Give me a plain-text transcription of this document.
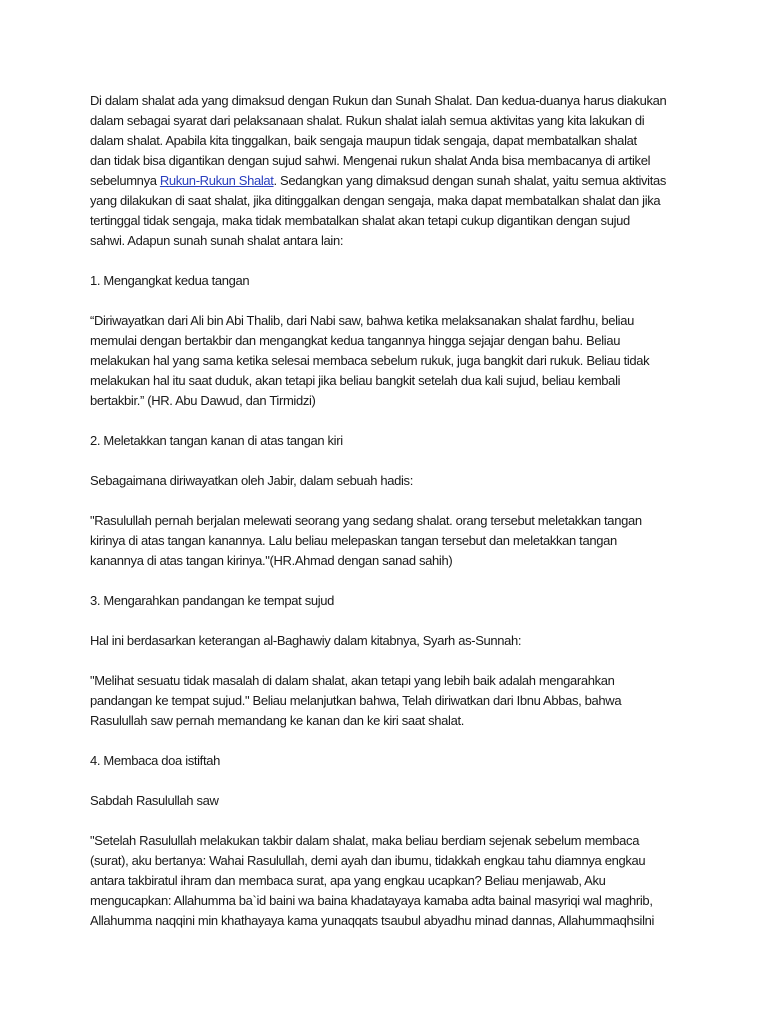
Di dalam shalat ada yang dimaksud dengan Rukun dan Sunah Shalat. Dan kedua-duanya harus diakukan
dalam sebagai syarat dari pelaksanaan shalat. Rukun shalat ialah semua aktivitas yang kita lakukan di
dalam shalat. Apabila kita tinggalkan, baik sengaja maupun tidak sengaja, dapat membatalkan shalat
dan tidak bisa digantikan dengan sujud sahwi. Mengenai rukun shalat Anda bisa membacanya di artikel
sebelumnya Rukun-Rukun Shalat. Sedangkan yang dimaksud dengan sunah shalat, yaitu semua aktivitas
yang dilakukan di saat shalat, jika ditinggalkan dengan sengaja, maka dapat membatalkan shalat dan jika
tertinggal tidak sengaja, maka tidak membatalkan shalat akan tetapi cukup digantikan dengan sujud
sahwi. Adapun sunah sunah shalat antara lain:

1. Mengangkat kedua tangan

“Diriwayatkan dari Ali bin Abi Thalib, dari Nabi saw, bahwa ketika melaksanakan shalat fardhu, beliau
memulai dengan bertakbir dan mengangkat kedua tangannya hingga sejajar dengan bahu. Beliau
melakukan hal yang sama ketika selesai membaca sebelum rukuk, juga bangkit dari rukuk. Beliau tidak
melakukan hal itu saat duduk, akan tetapi jika beliau bangkit setelah dua kali sujud, beliau kembali
bertakbir.” (HR. Abu Dawud, dan Tirmidzi)

2. Meletakkan tangan kanan di atas tangan kiri

Sebagaimana diriwayatkan oleh Jabir, dalam sebuah hadis:

"Rasulullah pernah berjalan melewati seorang yang sedang shalat. orang tersebut meletakkan tangan
kirinya di atas tangan kanannya. Lalu beliau melepaskan tangan tersebut dan meletakkan tangan
kanannya di atas tangan kirinya."(HR.Ahmad dengan sanad sahih)

3. Mengarahkan pandangan ke tempat sujud

Hal ini berdasarkan keterangan al-Baghawiy dalam kitabnya, Syarh as-Sunnah:

"Melihat sesuatu tidak masalah di dalam shalat, akan tetapi yang lebih baik adalah mengarahkan
pandangan ke tempat sujud." Beliau melanjutkan bahwa, Telah diriwatkan dari Ibnu Abbas, bahwa
Rasulullah saw pernah memandang ke kanan dan ke kiri saat shalat.

4. Membaca doa istiftah

Sabdah Rasulullah saw

"Setelah Rasulullah melakukan takbir dalam shalat, maka beliau berdiam sejenak sebelum membaca
(surat), aku bertanya: Wahai Rasulullah, demi ayah dan ibumu, tidakkah engkau tahu diamnya engkau
antara takbiratul ihram dan membaca surat, apa yang engkau ucapkan? Beliau menjawab, Aku
mengucapkan: Allahumma ba`id baini wa baina khadatayaya kamaba adta bainal masyriqi wal maghrib,
Allahumma naqqini min khathayaya kama yunaqqats tsaubul abyadhu minad dannas, Allahummaqhsilni
